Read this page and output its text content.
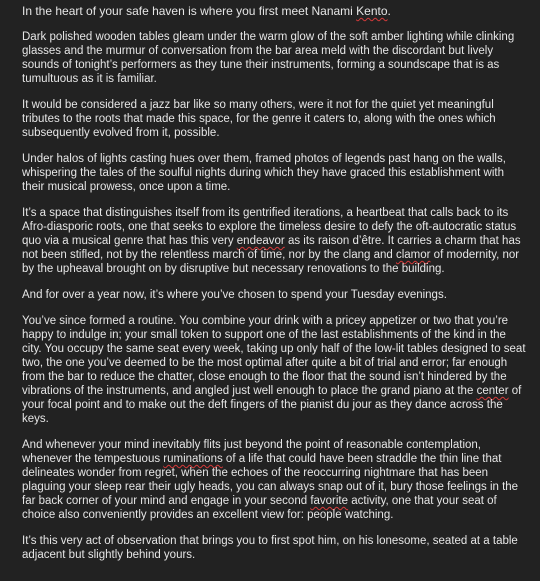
In the heart of your safe haven is where you first meet Nanami Kento.

Dark polished wooden tables gleam under the warm glow of the soft amber lighting while clinking glasses and the murmur of conversation from the bar area meld with the discordant but lively sounds of tonight’s performers as they tune their instruments, forming a soundscape that is as tumultuous as it is familiar.

It would be considered a jazz bar like so many others, were it not for the quiet yet meaningful tributes to the roots that made this space, for the genre it caters to, along with the ones which subsequently evolved from it, possible.

Under halos of lights casting hues over them, framed photos of legends past hang on the walls, whispering the tales of the soulful nights during which they have graced this establishment with their musical prowess, once upon a time.

It’s a space that distinguishes itself from its gentrified iterations, a heartbeat that calls back to its Afro-diasporic roots, one that seeks to explore the timeless desire to defy the oft-autocratic status quo via a musical genre that has this very endeavor as its raison d’être. It carries a charm that has not been stifled, not by the relentless march of time, nor by the clang and clamor of modernity, nor by the upheaval brought on by disruptive but necessary renovations to the building.

And for over a year now, it’s where you’ve chosen to spend your Tuesday evenings.

You’ve since formed a routine. You combine your drink with a pricey appetizer or two that you’re happy to indulge in; your small token to support one of the last establishments of the kind in the city. You occupy the same seat every week, taking up only half of the low-lit tables designed to seat two, the one you’ve deemed to be the most optimal after quite a bit of trial and error; far enough from the bar to reduce the chatter, close enough to the floor that the sound isn’t hindered by the vibrations of the instruments, and angled just well enough to place the grand piano at the center of your focal point and to make out the deft fingers of the pianist du jour as they dance across the keys.

And whenever your mind inevitably flits just beyond the point of reasonable contemplation, whenever the tempestuous ruminations of a life that could have been straddle the thin line that delineates wonder from regret, when the echoes of the reoccurring nightmare that has been plaguing your sleep rear their ugly heads, you can always snap out of it, bury those feelings in the far back corner of your mind and engage in your second favorite activity, one that your seat of choice also conveniently provides an excellent view for: people watching.

It’s this very act of observation that brings you to first spot him, on his lonesome, seated at a table adjacent but slightly behind yours.
